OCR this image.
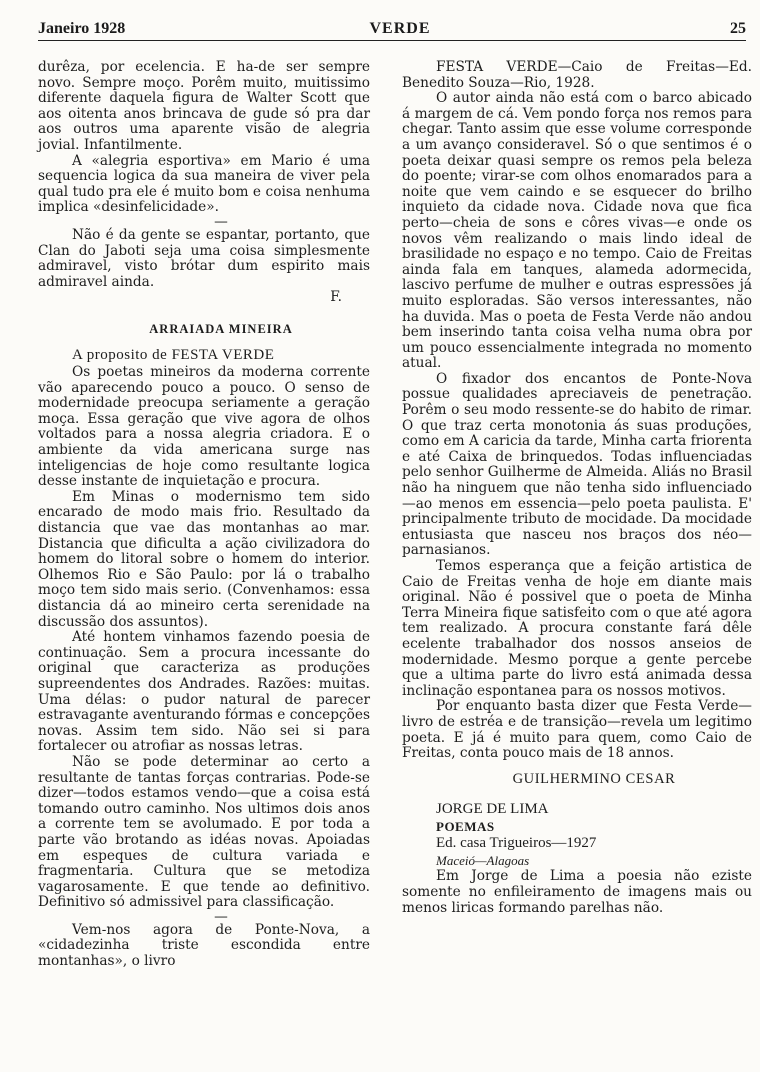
Janeiro 1928	VERDE	25

durêza, por ecelencia. E ha-de ser sempre novo. Sempre moço. Porêm muito, muitissimo diferente daquela figura de Walter Scott que aos oitenta anos brincava de gude só pra dar aos outros uma aparente visão de alegria jovial. Infantilmente.

A «alegria esportiva» em Mario é uma sequencia logica da sua maneira de viver pela qual tudo pra ele é muito bom e coisa nenhuma implica «desinfelicidade».

—

Não é da gente se espantar, portanto, que Clan do Jaboti seja uma coisa simplesmente admiravel, visto brótar dum espirito mais admiravel ainda.

F.

ARRAIADA MINEIRA

A proposito de FESTA VERDE

Os poetas mineiros da moderna corrente vão aparecendo pouco a pouco. O senso de modernidade preocupa seriamente a geração moça. Essa geração que vive agora de olhos voltados para a nossa alegria criadora. E o ambiente da vida americana surge nas inteligencias de hoje como resultante logica desse instante de inquietação e procura.

Em Minas o modernismo tem sido encarado de modo mais frio. Resultado da distancia que vae das montanhas ao mar. Distancia que dificulta a ação civilizadora do homem do litoral sobre o homem do interior. Olhemos Rio e São Paulo: por lá o trabalho moço tem sido mais serio. (Convenhamos: essa distancia dá ao mineiro certa serenidade na discussão dos assuntos).

Até hontem vinhamos fazendo poesia de continuação. Sem a procura incessante do original que caracteriza as produções supreendentes dos Andrades. Razões: muitas. Uma délas: o pudor natural de parecer estravagante aventurando fórmas e concepções novas. Assim tem sido. Não sei si para fortalecer ou atrofiar as nossas letras.

Não se pode determinar ao certo a resultante de tantas forças contrarias. Pode-se dizer—todos estamos vendo—que a coisa está tomando outro caminho. Nos ultimos dois anos a corrente tem se avolumado. E por toda a parte vão brotando as idéas novas. Apoiadas em espeques de cultura variada e fragmentaria. Cultura que se metodiza vagarosamente. E que tende ao definitivo. Definitivo só admissivel para classificação.

—

Vem-nos agora de Ponte-Nova, a «cidadezinha triste escondida entre montanhas», o livro

FESTA VERDE—Caio de Freitas—Ed. Benedito Souza—Rio, 1928.

O autor ainda não está com o barco abicado á margem de cá. Vem pondo força nos remos para chegar. Tanto assim que esse volume corresponde a um avanço consideravel. Só o que sentimos é o poeta deixar quasi sempre os remos pela beleza do poente; virar-se com olhos enomarados para a noite que vem caindo e se esquecer do brilho inquieto da cidade nova. Cidade nova que fica perto—cheia de sons e côres vivas—e onde os novos vêm realizando o mais lindo ideal de brasilidade no espaço e no tempo. Caio de Freitas ainda fala em tanques, alameda adormecida, lascivo perfume de mulher e outras espressões já muito esploradas. São versos interessantes, não ha duvida. Mas o poeta de Festa Verde não andou bem inserindo tanta coisa velha numa obra por um pouco essencialmente integrada no momento atual.

O fixador dos encantos de Ponte-Nova possue qualidades apreciaveis de penetração. Porêm o seu modo ressente-se do habito de rimar. O que traz certa monotonia ás suas produções, como em A caricia da tarde, Minha carta friorenta e até Caixa de brinquedos. Todas influenciadas pelo senhor Guilherme de Almeida. Aliás no Brasil não ha ninguem que não tenha sido influenciado—ao menos em essencia—pelo poeta paulista. E' principalmente tributo de mocidade. Da mocidade entusiasta que nasceu nos braços dos néo—parnasianos.

Temos esperança que a feição artistica de Caio de Freitas venha de hoje em diante mais original. Não é possivel que o poeta de Minha Terra Mineira fique satisfeito com o que até agora tem realizado. A procura constante fará dêle ecelente trabalhador dos nossos anseios de modernidade. Mesmo porque a gente percebe que a ultima parte do livro está animada dessa inclinação espontanea para os nossos motivos.

Por enquanto basta dizer que Festa Verde—livro de estréa e de transição—revela um legitimo poeta. E já é muito para quem, como Caio de Freitas, conta pouco mais de 18 annos.

GUILHERMINO CESAR

JORGE DE LIMA

POEMAS

Ed. casa Trigueiros—1927

Maceió—Alagoas

Em Jorge de Lima a poesia não eziste somente no enfileiramento de imagens mais ou menos liricas formando parelhas não.
